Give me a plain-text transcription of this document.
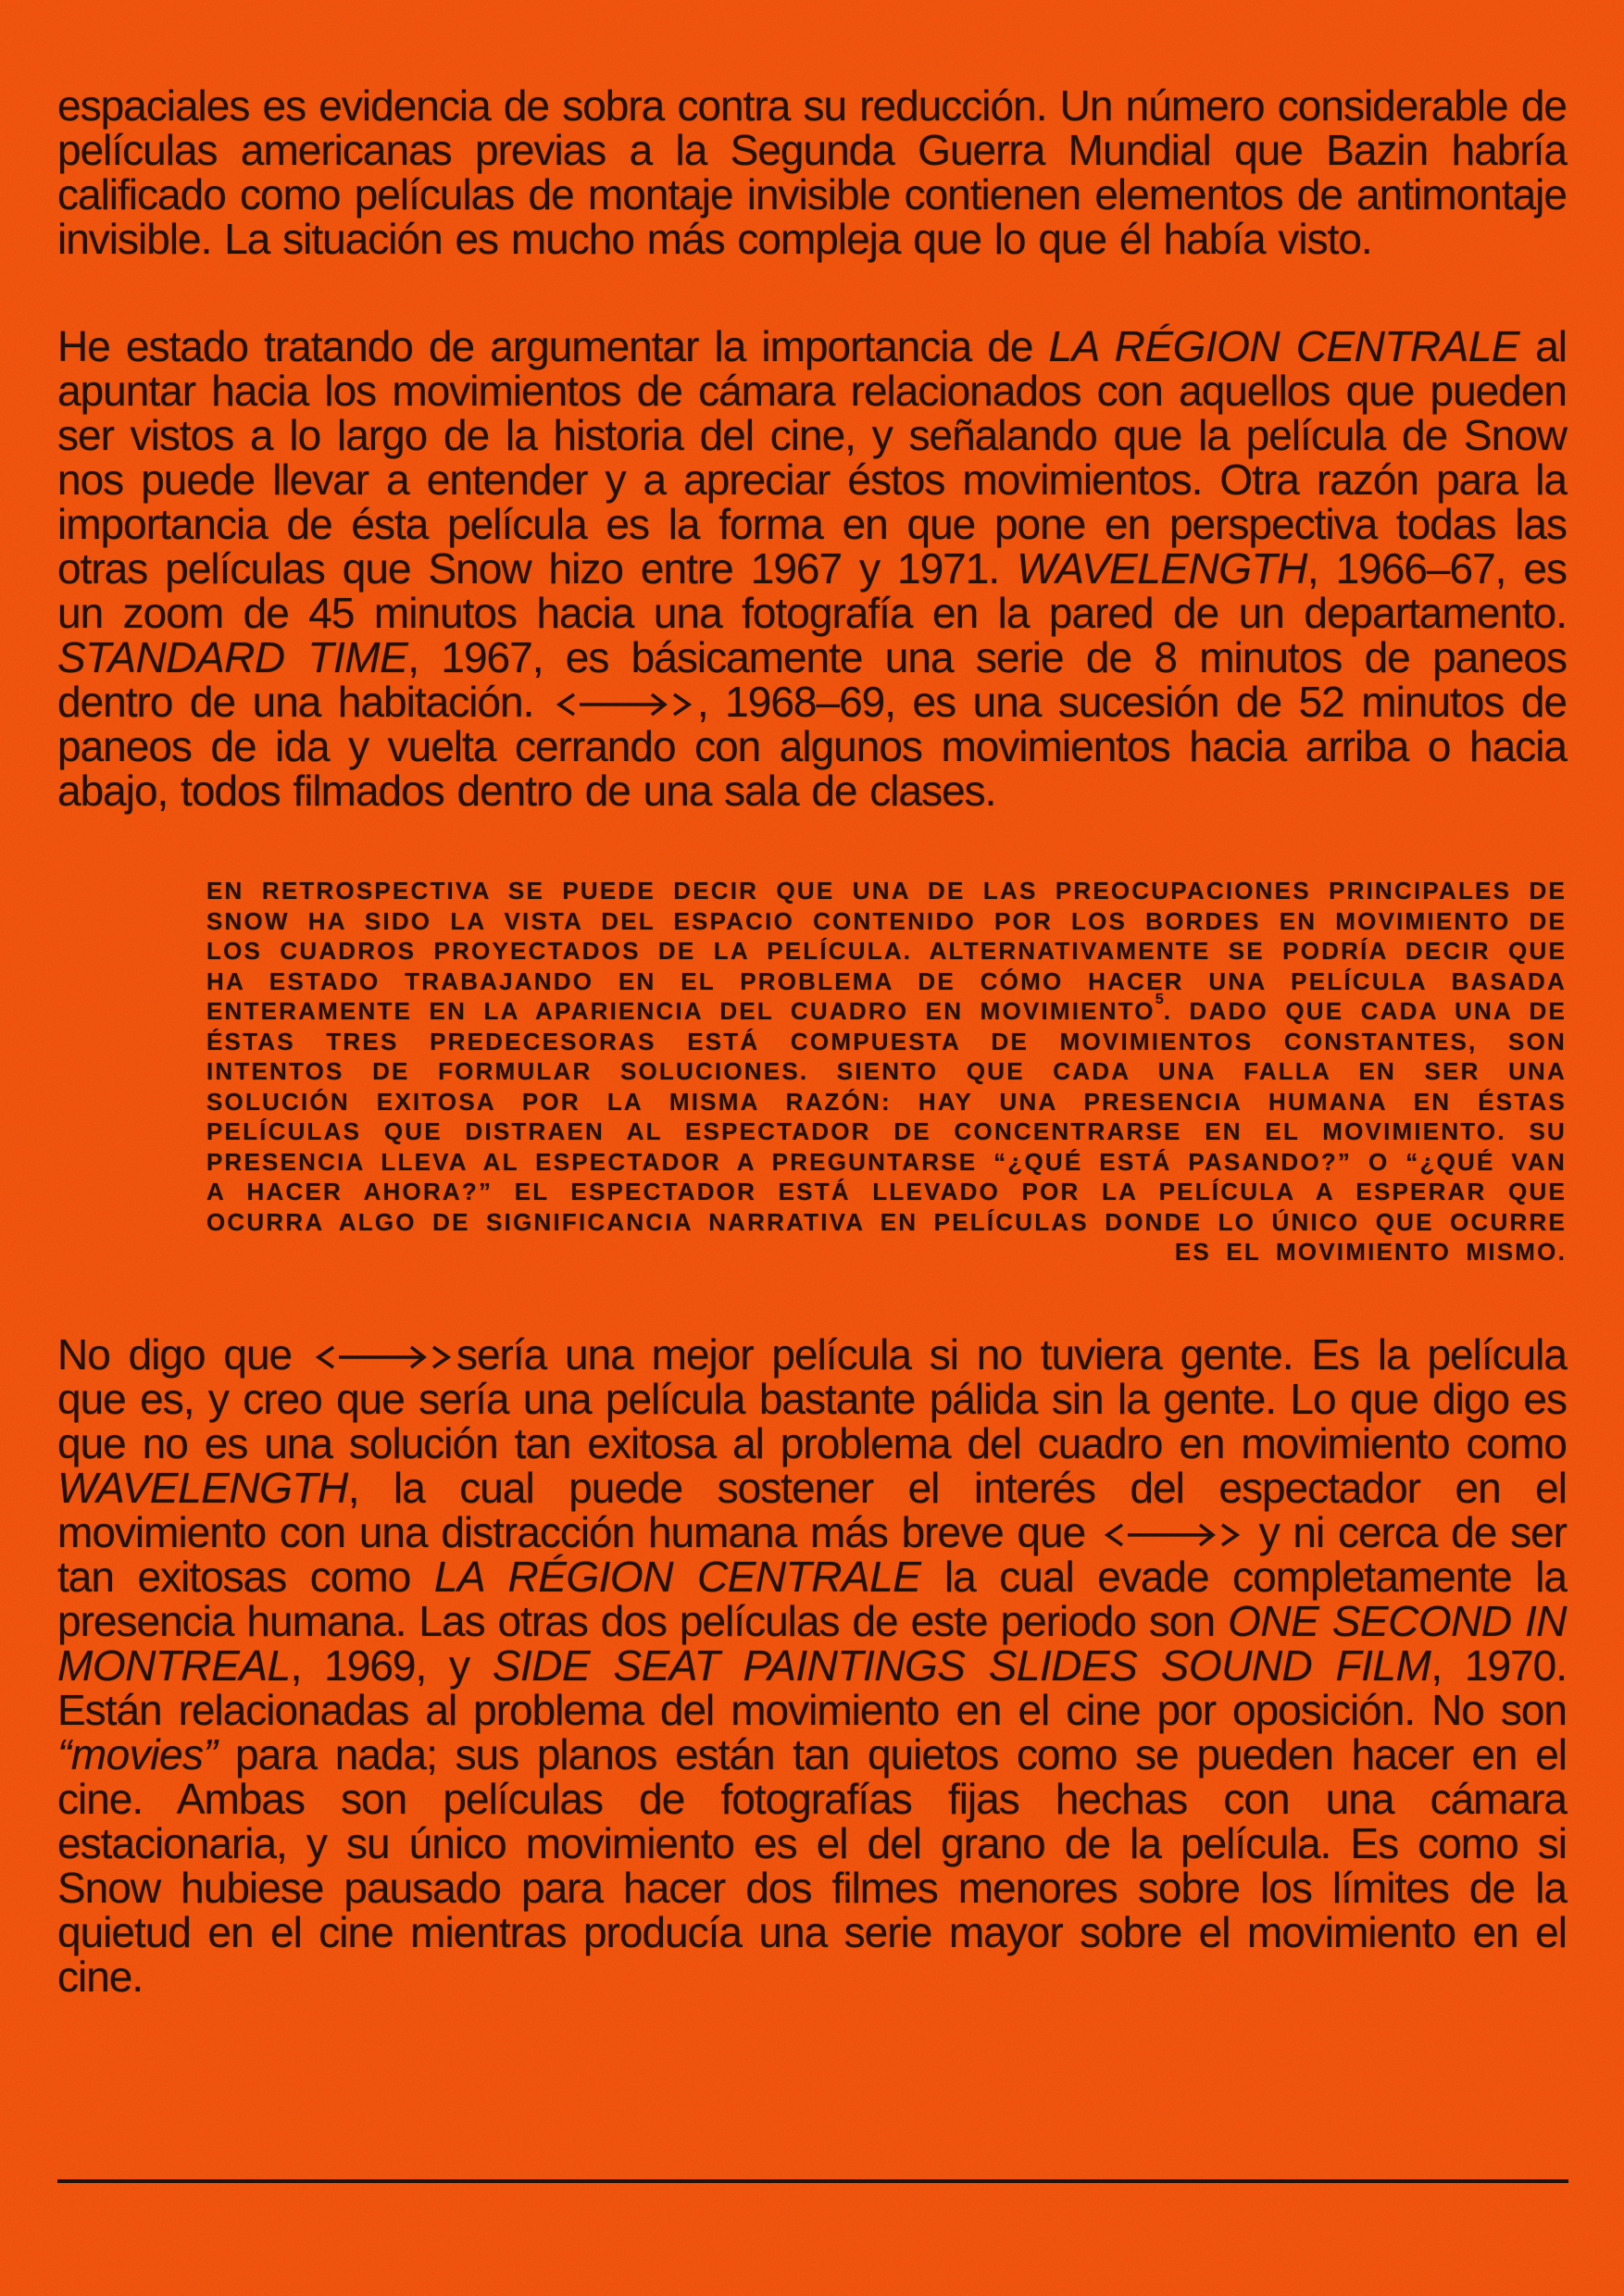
espaciales es evidencia de sobra contra su reducción. Un número considerable de películas americanas previas a la Segunda Guerra Mundial que Bazin habría calificado como películas de montaje invisible contienen elementos de antimontaje invisible. La situación es mucho más compleja que lo que él había visto.

He estado tratando de argumentar la importancia de LA RÉGION CENTRALE al apuntar hacia los movimientos de cámara relacionados con aquellos que pueden ser vistos a lo largo de la historia del cine, y señalando que la película de Snow nos puede llevar a entender y a apreciar éstos movimientos. Otra razón para la importancia de ésta película es la forma en que pone en perspectiva todas las otras películas que Snow hizo entre 1967 y 1971. WAVELENGTH, 1966–67, es un zoom de 45 minutos hacia una fotografía en la pared de un departamento. STANDARD TIME, 1967, es básicamente una serie de 8 minutos de paneos dentro de una habitación.	, 1968–69, es una sucesión de 52 minutos de paneos de ida y vuelta cerrando con algunos movimientos hacia arriba o hacia abajo, todos filmados dentro de una sala de clases.

EN RETROSPECTIVA SE PUEDE DECIR QUE UNA DE LAS PREOCUPACIONES PRINCIPALES DE SNOW HA SIDO LA VISTA DEL ESPACIO CONTENIDO POR LOS BORDES EN MOVIMIENTO DE LOS CUADROS PROYECTADOS DE LA PELÍCULA. ALTERNATIVAMENTE SE PODRÍA DECIR QUE HA ESTADO TRABAJANDO EN EL PROBLEMA DE CÓMO HACER UNA PELÍCULA BASADA ENTERAMENTE EN LA APARIENCIA DEL CUADRO EN MOVIMIENTO$^5$. DADO QUE CADA UNA DE ÉSTAS TRES PREDECESORAS ESTÁ COMPUESTA DE MOVIMIENTOS CONSTANTES, SON INTENTOS DE FORMULAR SOLUCIONES. SIENTO QUE CADA UNA FALLA EN SER UNA SOLUCIÓN EXITOSA POR LA MISMA RAZÓN: HAY UNA PRESENCIA HUMANA EN ÉSTAS PELÍCULAS QUE DISTRAEN AL ESPECTADOR DE CONCENTRARSE EN EL MOVIMIENTO. SU PRESENCIA LLEVA AL ESPECTADOR A PREGUNTARSE “¿QUÉ ESTÁ PASANDO?” O “¿QUÉ VAN A HACER AHORA?” EL ESPECTADOR ESTÁ LLEVADO POR LA PELÍCULA A ESPERAR QUE OCURRA ALGO DE SIGNIFICANCIA NARRATIVA EN PELÍCULAS DONDE LO ÚNICO QUE OCURRE ES EL MOVIMIENTO MISMO.

No digo que	sería una mejor película si no tuviera gente. Es la película que es, y creo que sería una película bastante pálida sin la gente. Lo que digo es que no es una solución tan exitosa al problema del cuadro en movimiento como WAVELENGTH, la cual puede sostener el interés del espectador en el movimiento con una distracción humana más breve que	y ni cerca de ser tan exitosas como LA RÉGION CENTRALE la cual evade completamente la presencia humana. Las otras dos películas de este periodo son ONE SECOND IN MONTREAL, 1969, y SIDE SEAT PAINTINGS SLIDES SOUND FILM, 1970. Están relacionadas al problema del movimiento en el cine por oposición. No son “movies” para nada; sus planos están tan quietos como se pueden hacer en el cine. Ambas son películas de fotografías fijas hechas con una cámara estacionaria, y su único movimiento es el del grano de la película. Es como si Snow hubiese pausado para hacer dos filmes menores sobre los límites de la quietud en el cine mientras producía una serie mayor sobre el movimiento en el cine.
